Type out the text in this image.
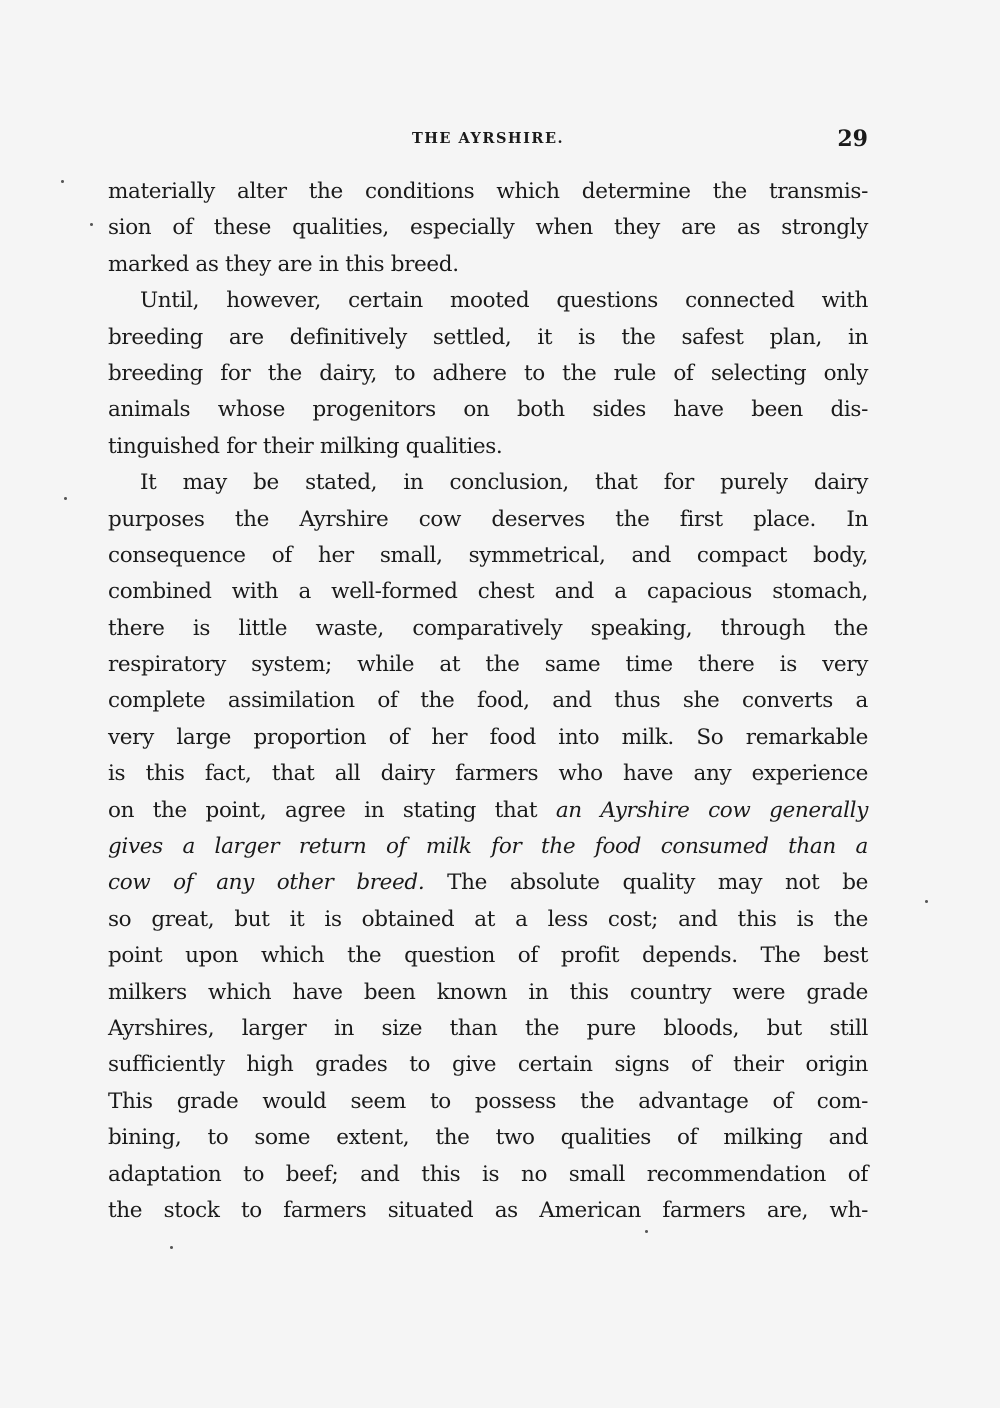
THE AYRSHIRE.	29
materially alter the conditions which determine the transmis-
sion of these qualities, especially when they are as strongly
marked as they are in this breed.
Until, however, certain mooted questions connected with
breeding are definitively settled, it is the safest plan, in
breeding for the dairy, to adhere to the rule of selecting only
animals whose progenitors on both sides have been dis-
tinguished for their milking qualities.
It may be stated, in conclusion, that for purely dairy
purposes the Ayrshire cow deserves the first place. In
consequence of her small, symmetrical, and compact body,
combined with a well-formed chest and a capacious stomach,
there is little waste, comparatively speaking, through the
respiratory system; while at the same time there is very
complete assimilation of the food, and thus she converts a
very large proportion of her food into milk. So remarkable
is this fact, that all dairy farmers who have any experience
on the point, agree in stating that an Ayrshire cow generally
gives a larger return of milk for the food consumed than a
cow of any other breed. The absolute quality may not be
so great, but it is obtained at a less cost; and this is the
point upon which the question of profit depends. The best
milkers which have been known in this country were grade
Ayrshires, larger in size than the pure bloods, but still
sufficiently high grades to give certain signs of their origin
This grade would seem to possess the advantage of com-
bining, to some extent, the two qualities of milking and
adaptation to beef; and this is no small recommendation of
the stock to farmers situated as American farmers are, wh-
